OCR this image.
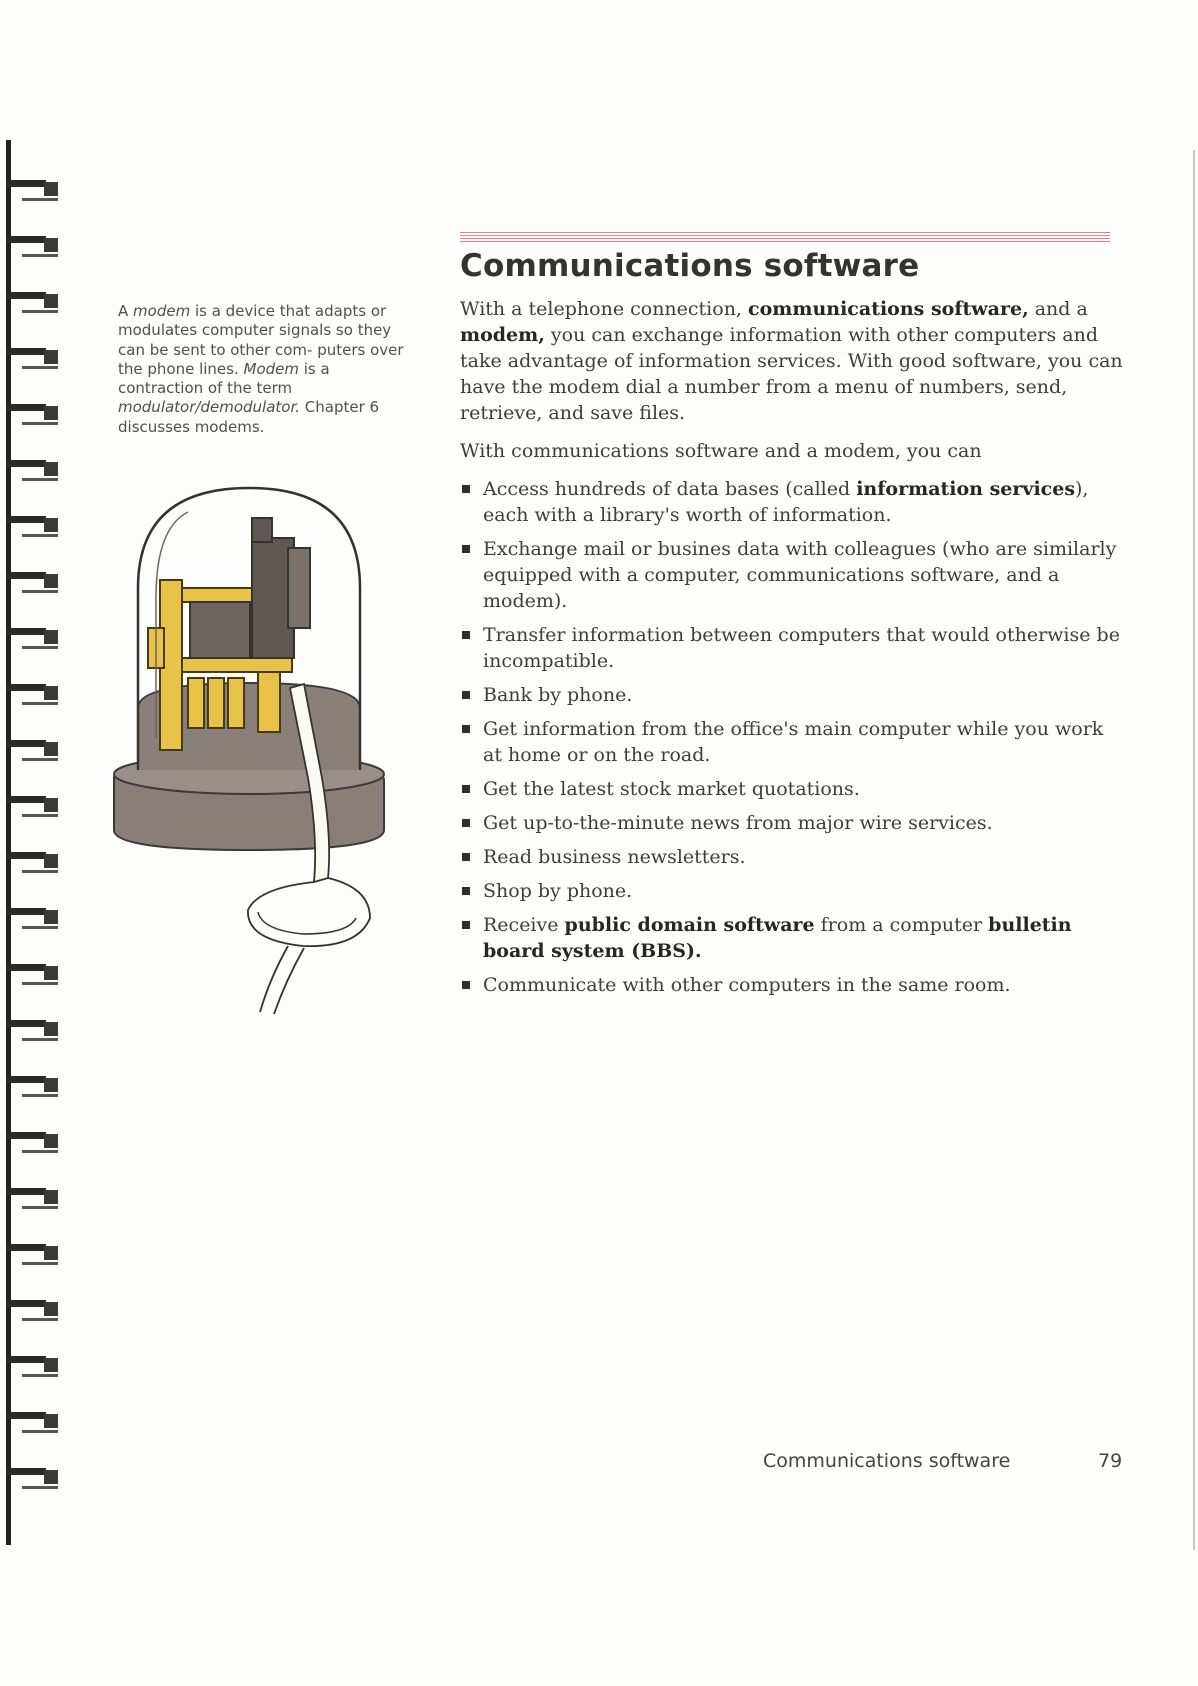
A modem is a device that adapts or modulates computer signals so they can be sent to other com- puters over the phone lines. Modem is a contraction of the term modulator/demodulator. Chapter 6 discusses modems.
Communications software

With a telephone connection, communications software, and a modem, you can exchange information with other computers and take advantage of information services. With good software, you can have the modem dial a number from a menu of numbers, send, retrieve, and save files.

With communications software and a modem, you can

Access hundreds of data bases (called information services), each with a library's worth of information.
Exchange mail or busines data with colleagues (who are similarly equipped with a computer, communications software, and a modem).
Transfer information between computers that would otherwise be incompatible.
Bank by phone.
Get information from the office's main computer while you work at home or on the road.
Get the latest stock market quotations.
Get up-to-the-minute news from major wire services.
Read business newsletters.
Shop by phone.
Receive public domain software from a computer bulletin board system (BBS).
Communicate with other computers in the same room.
Communications software	79
